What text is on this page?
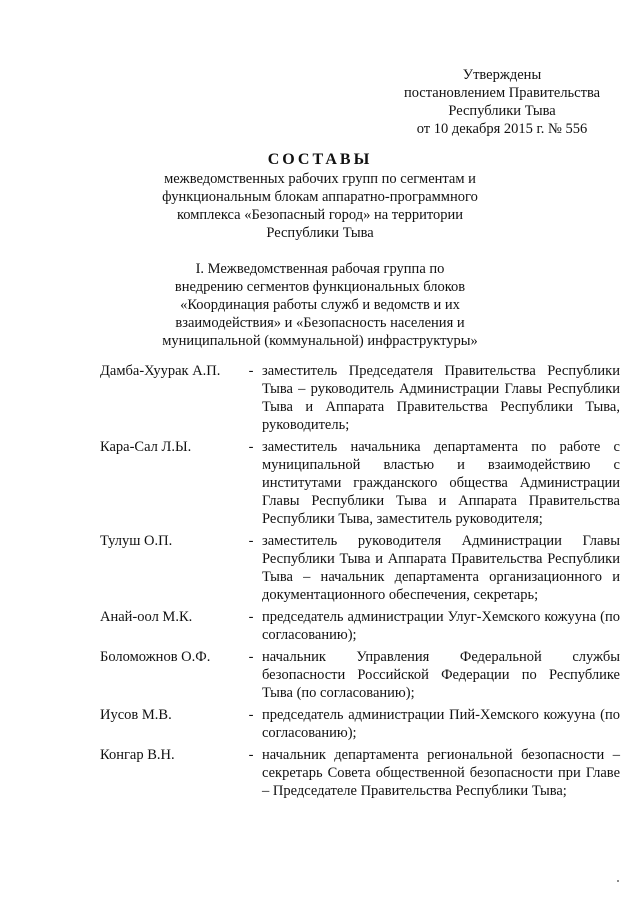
Утверждены
постановлением Правительства
Республики Тыва
от 10 декабря 2015 г. № 556
СОСТАВЫ
межведомственных рабочих групп по сегментам и
функциональным блокам аппаратно-программного
комплекса «Безопасный город» на территории
Республики Тыва
I. Межведомственная рабочая группа по
внедрению сегментов функциональных блоков
«Координация работы служб и ведомств и их
взаимодействия» и «Безопасность населения и
муниципальной (коммунальной) инфраструктуры»
Дамба-Хуурак А.П.	- заместитель Председателя Правительства Республики Тыва – руководитель Администрации Главы Республики Тыва и Аппарата Правительства Республики Тыва, руководитель;
Кара-Сал Л.Ы.	- заместитель начальника департамента по работе с муниципальной властью и взаимодействию с институтами гражданского общества Администрации Главы Республики Тыва и Аппарата Правительства Республики Тыва, заместитель руководителя;
Тулуш О.П.	- заместитель руководителя Администрации Главы Республики Тыва и Аппарата Правительства Республики Тыва – начальник департамента организационного и документационного обеспечения, секретарь;
Анай-оол М.К.	- председатель администрации Улуг-Хемского кожууна (по согласованию);
Боломожнов О.Ф.	- начальник Управления Федеральной службы безопасности Российской Федерации по Республике Тыва (по согласованию);
Иусов М.В.	- председатель администрации Пий-Хемского кожууна (по согласованию);
Конгар В.Н.	- начальник департамента региональной безопасности – секретарь Совета общественной безопасности при Главе – Председателе Правительства Республики Тыва;
